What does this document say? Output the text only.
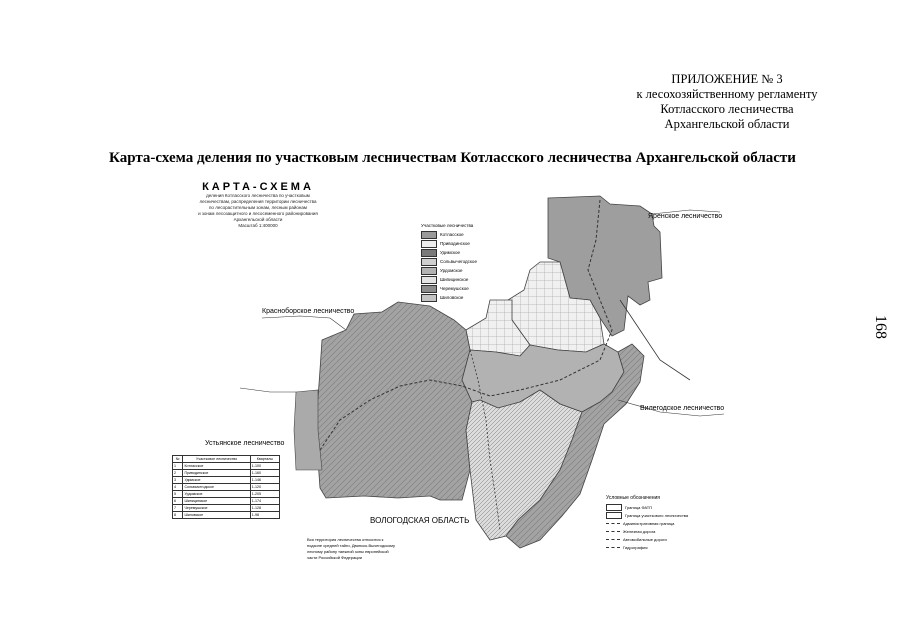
ПРИЛОЖЕНИЕ № 3
к лесохозяйственному регламенту
Котласского лесничества
Архангельской области
168
Карта-схема деления по участковым лесничествам Котласского лесничества Архангельской области
КАРТА-СХЕМА
деления Котласского лесничества по участковым
лесничествам, распределения территории лесничества
по лесорастительным зонам, лесным районам
и зонам лесозащитного и лесосеменного районирования
Архангельской области
Масштаб 1:400000
Яренское лесничество
Красноборское лесничество
Вилегодское лесничество
Устьянское лесничество
ВОЛОГОДСКАЯ ОБЛАСТЬ
Участковые лесничества
Котласское
Приводинское
Удимское
Сольвычегодское
Урдомское
Шипицинское
Черемушское
Шиловское
Условные обозначения
Граница ФАТП
Граница участкового лесничества
Административная граница
Железная дорога
Автомобильные дороги
Гидрография
№	Участковое лесничество	Кварталы
1	Котласское	1-100
2	Приводинское	1-160
3	Удимское	1-146
4	Сольвычегодское	1-120
5	Урдомское	1-205
6	Шипицинское	1-174
7	Черемушское	1-128
8	Шиловское	1-98
Вся территория лесничества относится к
подзоне средней тайги, Двинско-Вычегодскому
лесному району таежной зоны европейской
части Российской Федерации
